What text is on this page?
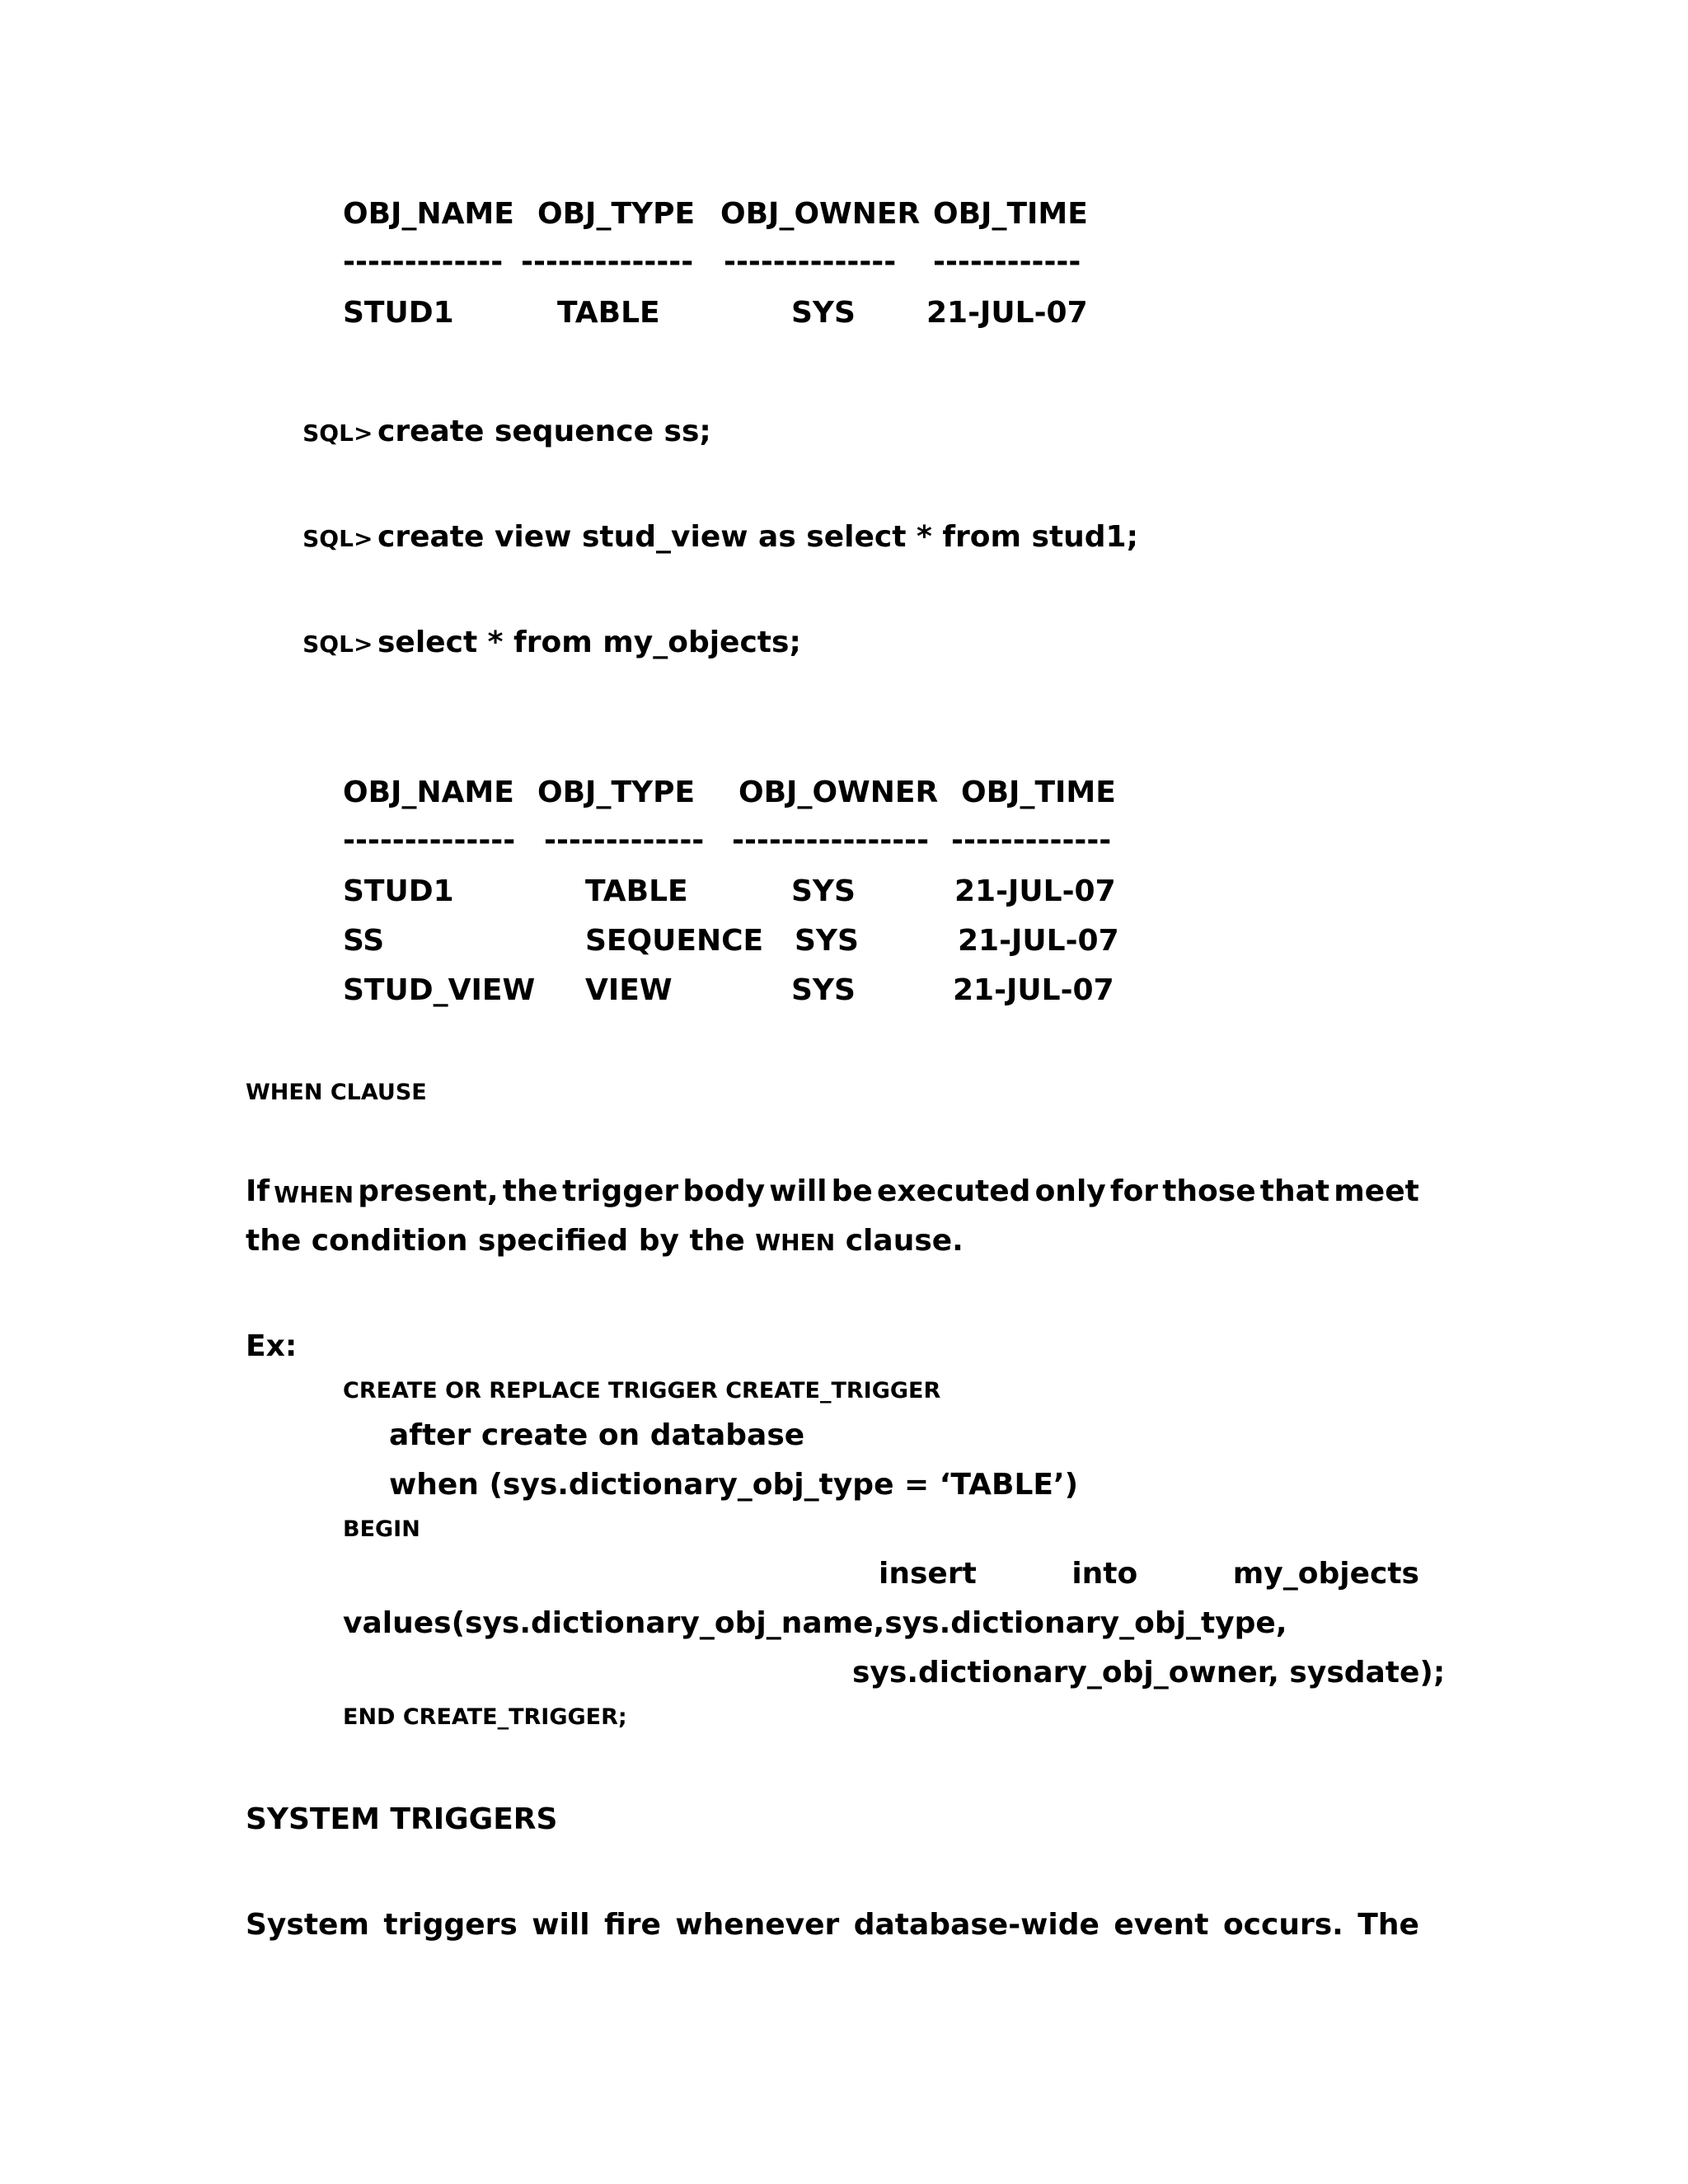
OBJ_NAME OBJ_TYPE OBJ_OWNER OBJ_TIME
------------- -------------- -------------- ------------
STUD1	TABLE	SYS 21-JUL-07

SQL> create sequence ss;

SQL> create view stud_view as select * from stud1;

SQL> select * from my_objects;

OBJ_NAME OBJ_TYPE OBJ_OWNER OBJ_TIME
-------------- ------------- ---------------- -------------
STUD1	TABLE	SYS	21-JUL-07
SS	SEQUENCE SYS	21-JUL-07
STUD_VIEW VIEW	SYS	21-JUL-07
WHEN CLAUSE
If WHEN present, the trigger body will be executed only for those that meet
the condition specified by the WHEN clause.
Ex:
CREATE OR REPLACE TRIGGER CREATE_TRIGGER
after create on database
when (sys.dictionary_obj_type = ‘TABLE’)
BEGIN
insert	into	my_objects
values(sys.dictionary_obj_name,sys.dictionary_obj_type,
sys.dictionary_obj_owner, sysdate);
END CREATE_TRIGGER;
SYSTEM TRIGGERS
System triggers will fire whenever database-wide event occurs. The
